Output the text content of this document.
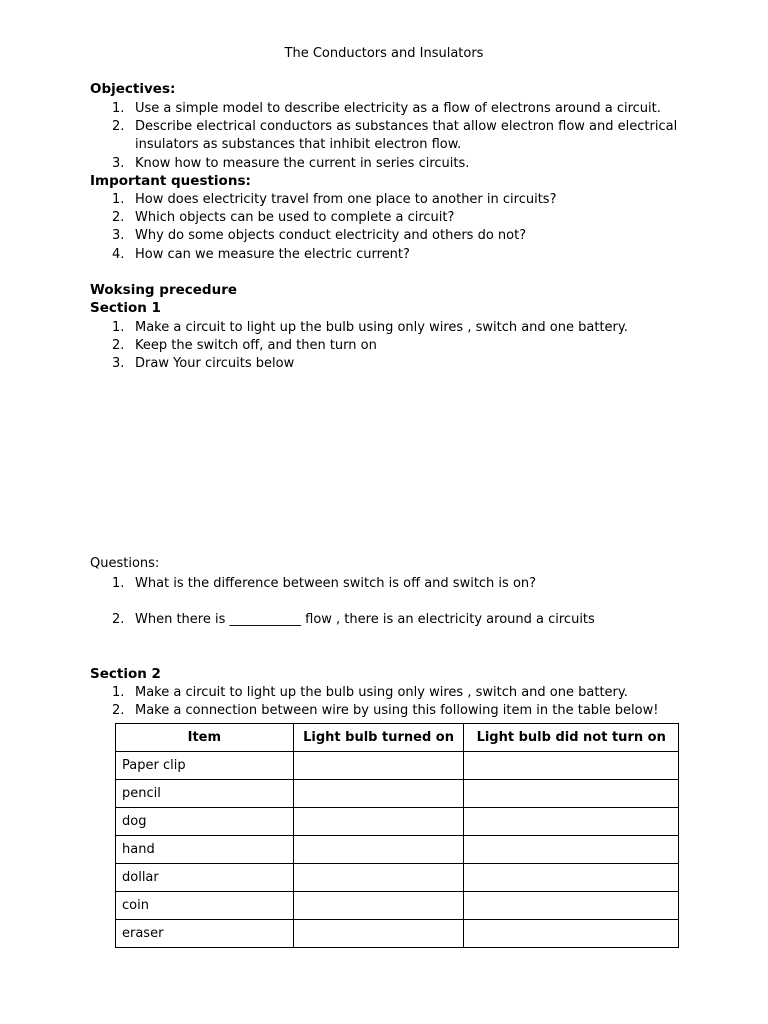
The Conductors and Insulators
Objectives:
1. Use a simple model to describe electricity as a flow of electrons around a circuit.
2. Describe electrical conductors as substances that allow electron flow and electrical insulators as substances that inhibit electron flow.
3. Know how to measure the current in series circuits.
Important questions:
1. How does electricity travel from one place to another in circuits?
2. Which objects can be used to complete a circuit?
3. Why do some objects conduct electricity and others do not?
4. How can we measure the electric current?
Woksing precedure
Section 1
1. Make a circuit to light up the bulb using only wires , switch and one battery.
2. Keep the switch off, and then turn on
3. Draw Your circuits below
Questions:
1. What is the difference between switch is off and switch is on?
2. When there is ___________ flow , there is an electricity around a circuits
Section 2
1. Make a circuit to light up the bulb using only wires , switch and one battery.
2. Make a connection between wire by using this following item in the table below!
Item	Light bulb turned on	Light bulb did not turn on
Paper clip		
pencil		
dog		
hand		
dollar		
coin		
eraser		
